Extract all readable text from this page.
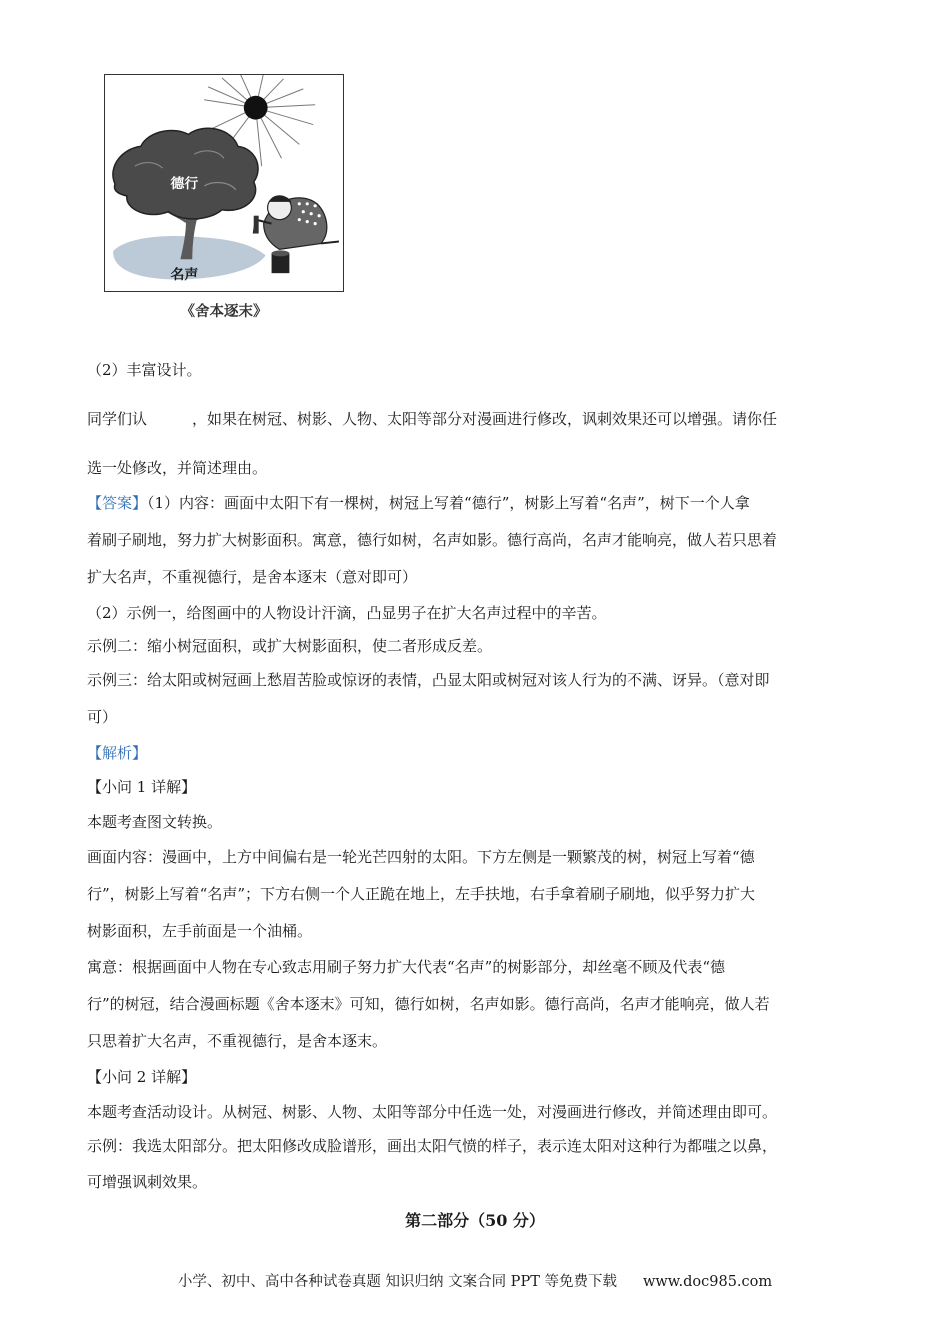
德行
名声
《舍本逐末》
（2）丰富设计。
同学们认　　　，如果在树冠、树影、人物、太阳等部分对漫画进行修改，讽刺效果还可以增强。请你任
选一处修改，并简述理由。
【答案】（1）内容：画面中太阳下有一棵树，树冠上写着“德行”，树影上写着“名声”，树下一个人拿
着刷子刷地，努力扩大树影面积。寓意，德行如树，名声如影。德行高尚，名声才能响亮，做人若只思着
扩大名声，不重视德行，是舍本逐末（意对即可）
（2）示例一，给图画中的人物设计汗滴，凸显男子在扩大名声过程中的辛苦。
示例二：缩小树冠面积，或扩大树影面积，使二者形成反差。
示例三：给太阳或树冠画上愁眉苦脸或惊讶的表情，凸显太阳或树冠对该人行为的不满、讶异。（意对即
可）
【解析】
【小问 1 详解】
本题考查图文转换。
画面内容：漫画中，上方中间偏右是一轮光芒四射的太阳。下方左侧是一颗繁茂的树，树冠上写着“德
行”，树影上写着“名声”；下方右侧一个人正跪在地上，左手扶地，右手拿着刷子刷地，似乎努力扩大
树影面积，左手前面是一个油桶。
寓意：根据画面中人物在专心致志用刷子努力扩大代表“名声”的树影部分，却丝毫不顾及代表“德
行”的树冠，结合漫画标题《舍本逐末》可知，德行如树，名声如影。德行高尚，名声才能响亮，做人若
只思着扩大名声，不重视德行，是舍本逐末。
【小问 2 详解】
本题考查活动设计。从树冠、树影、人物、太阳等部分中任选一处，对漫画进行修改，并简述理由即可。
示例：我选太阳部分。把太阳修改成脸谱形，画出太阳气愤的样子，表示连太阳对这种行为都嗤之以鼻，
可增强讽刺效果。
第二部分（50 分）
小学、初中、高中各种试卷真题 知识归纳 文案合同 PPT 等免费下载 www.doc985.com
